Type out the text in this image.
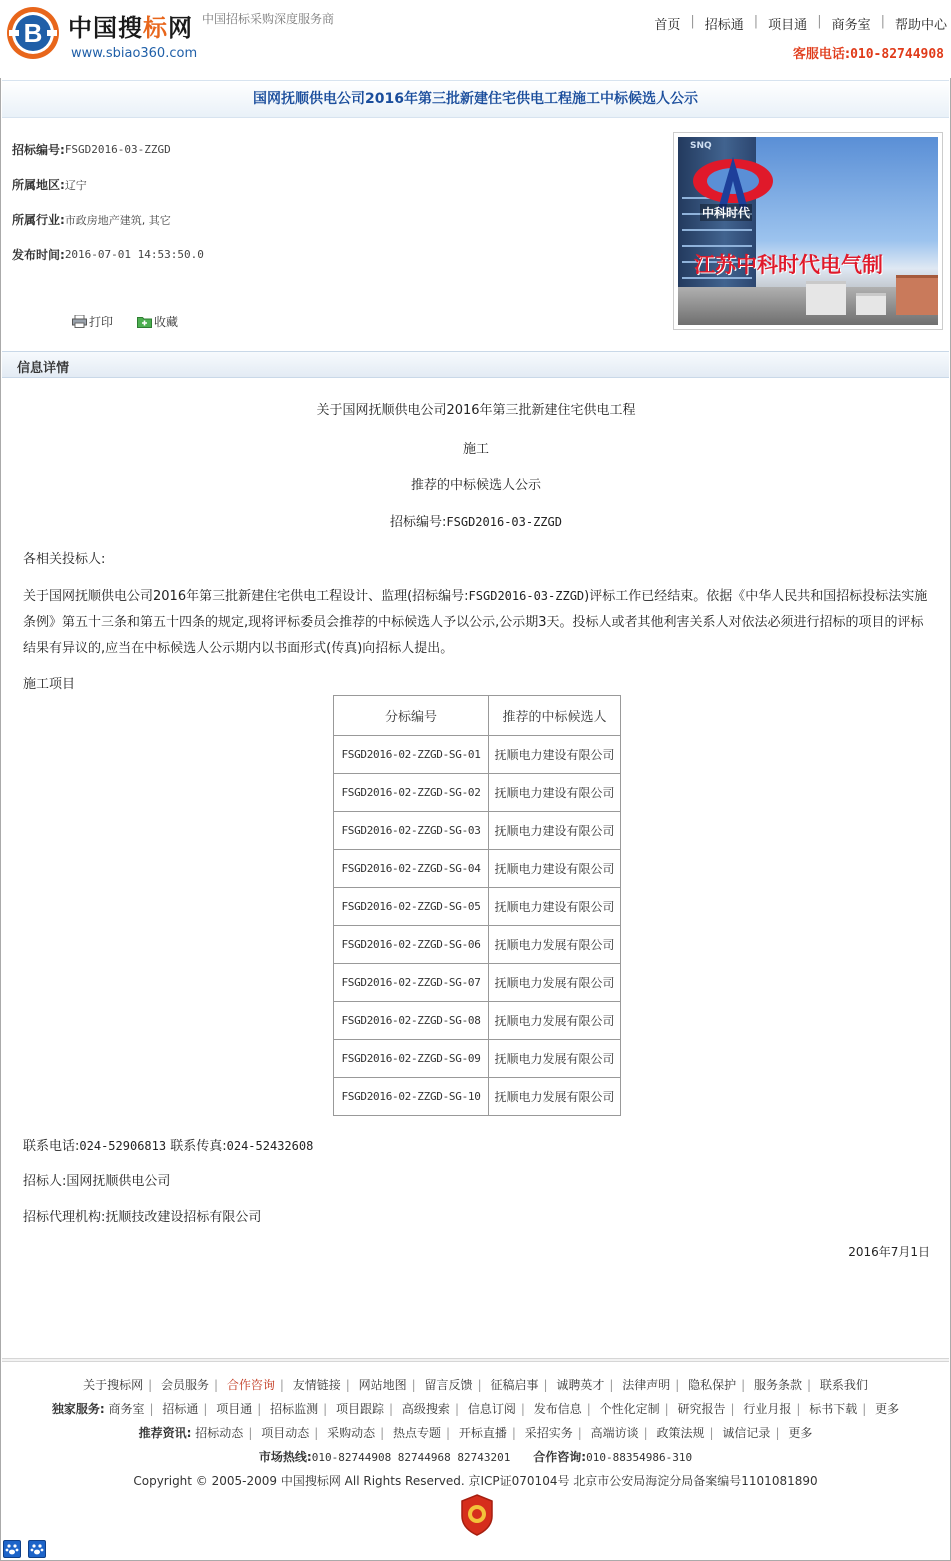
B 中国搜标网 中国招标采购深度服务商
www.sbiao360.com
首页 | 招标通 | 项目通 | 商务室 | 帮助中心
客服电话:010-82744908
国网抚顺供电公司2016年第三批新建住宅供电工程施工中标候选人公示
招标编号: FSGD2016-03-ZZGD
所属地区: 辽宁
所属行业: 市政房地产建筑, 其它
发布时间: 2016-07-01 14:53:50.0
打印	收藏
SNQ
中科时代
江苏中科时代电气制
信息详情
关于国网抚顺供电公司2016年第三批新建住宅供电工程
施工
推荐的中标候选人公示
招标编号:FSGD2016-03-ZZGD

各相关投标人:

关于国网抚顺供电公司2016年第三批新建住宅供电工程设计、监理(招标编号:FSGD2016-03-ZZGD)评标工作已经结束。依据《中华人民共和国招标投标法实施条例》第五十三条和第五十四条的规定,现将评标委员会推荐的中标候选人予以公示,公示期3天。投标人或者其他利害关系人对依法必须进行招标的项目的评标结果有异议的,应当在中标候选人公示期内以书面形式(传真)向招标人提出。

施工项目

分标编号	推荐的中标候选人
FSGD2016-02-ZZGD-SG-01	抚顺电力建设有限公司
FSGD2016-02-ZZGD-SG-02	抚顺电力建设有限公司
FSGD2016-02-ZZGD-SG-03	抚顺电力建设有限公司
FSGD2016-02-ZZGD-SG-04	抚顺电力建设有限公司
FSGD2016-02-ZZGD-SG-05	抚顺电力建设有限公司
FSGD2016-02-ZZGD-SG-06	抚顺电力发展有限公司
FSGD2016-02-ZZGD-SG-07	抚顺电力发展有限公司
FSGD2016-02-ZZGD-SG-08	抚顺电力发展有限公司
FSGD2016-02-ZZGD-SG-09	抚顺电力发展有限公司
FSGD2016-02-ZZGD-SG-10	抚顺电力发展有限公司
联系电话:024-52906813 联系传真:024-52432608
招标人:国网抚顺供电公司
招标代理机构:抚顺技改建设招标有限公司
2016年7月1日
关于搜标网 | 会员服务 | 合作咨询 | 友情链接 | 网站地图 | 留言反馈 | 征稿启事 | 诚聘英才 | 法律声明 | 隐私保护 | 服务条款 | 联系我们
独家服务: 商务室 | 招标通 | 项目通 | 招标监测 | 项目跟踪 | 高级搜索 | 信息订阅 | 发布信息 | 个性化定制 | 研究报告 | 行业月报 | 标书下载 | 更多
推荐资讯: 招标动态 | 项目动态 | 采购动态 | 热点专题 | 开标直播 | 采招实务 | 高端访谈 | 政策法规 | 诚信记录 | 更多
市场热线:010-82744908 82744968 82743201 合作咨询:010-88354986-310
Copyright © 2005-2009 中国搜标网 All Rights Reserved. 京ICP证070104号 北京市公安局海淀分局备案编号1101081890
